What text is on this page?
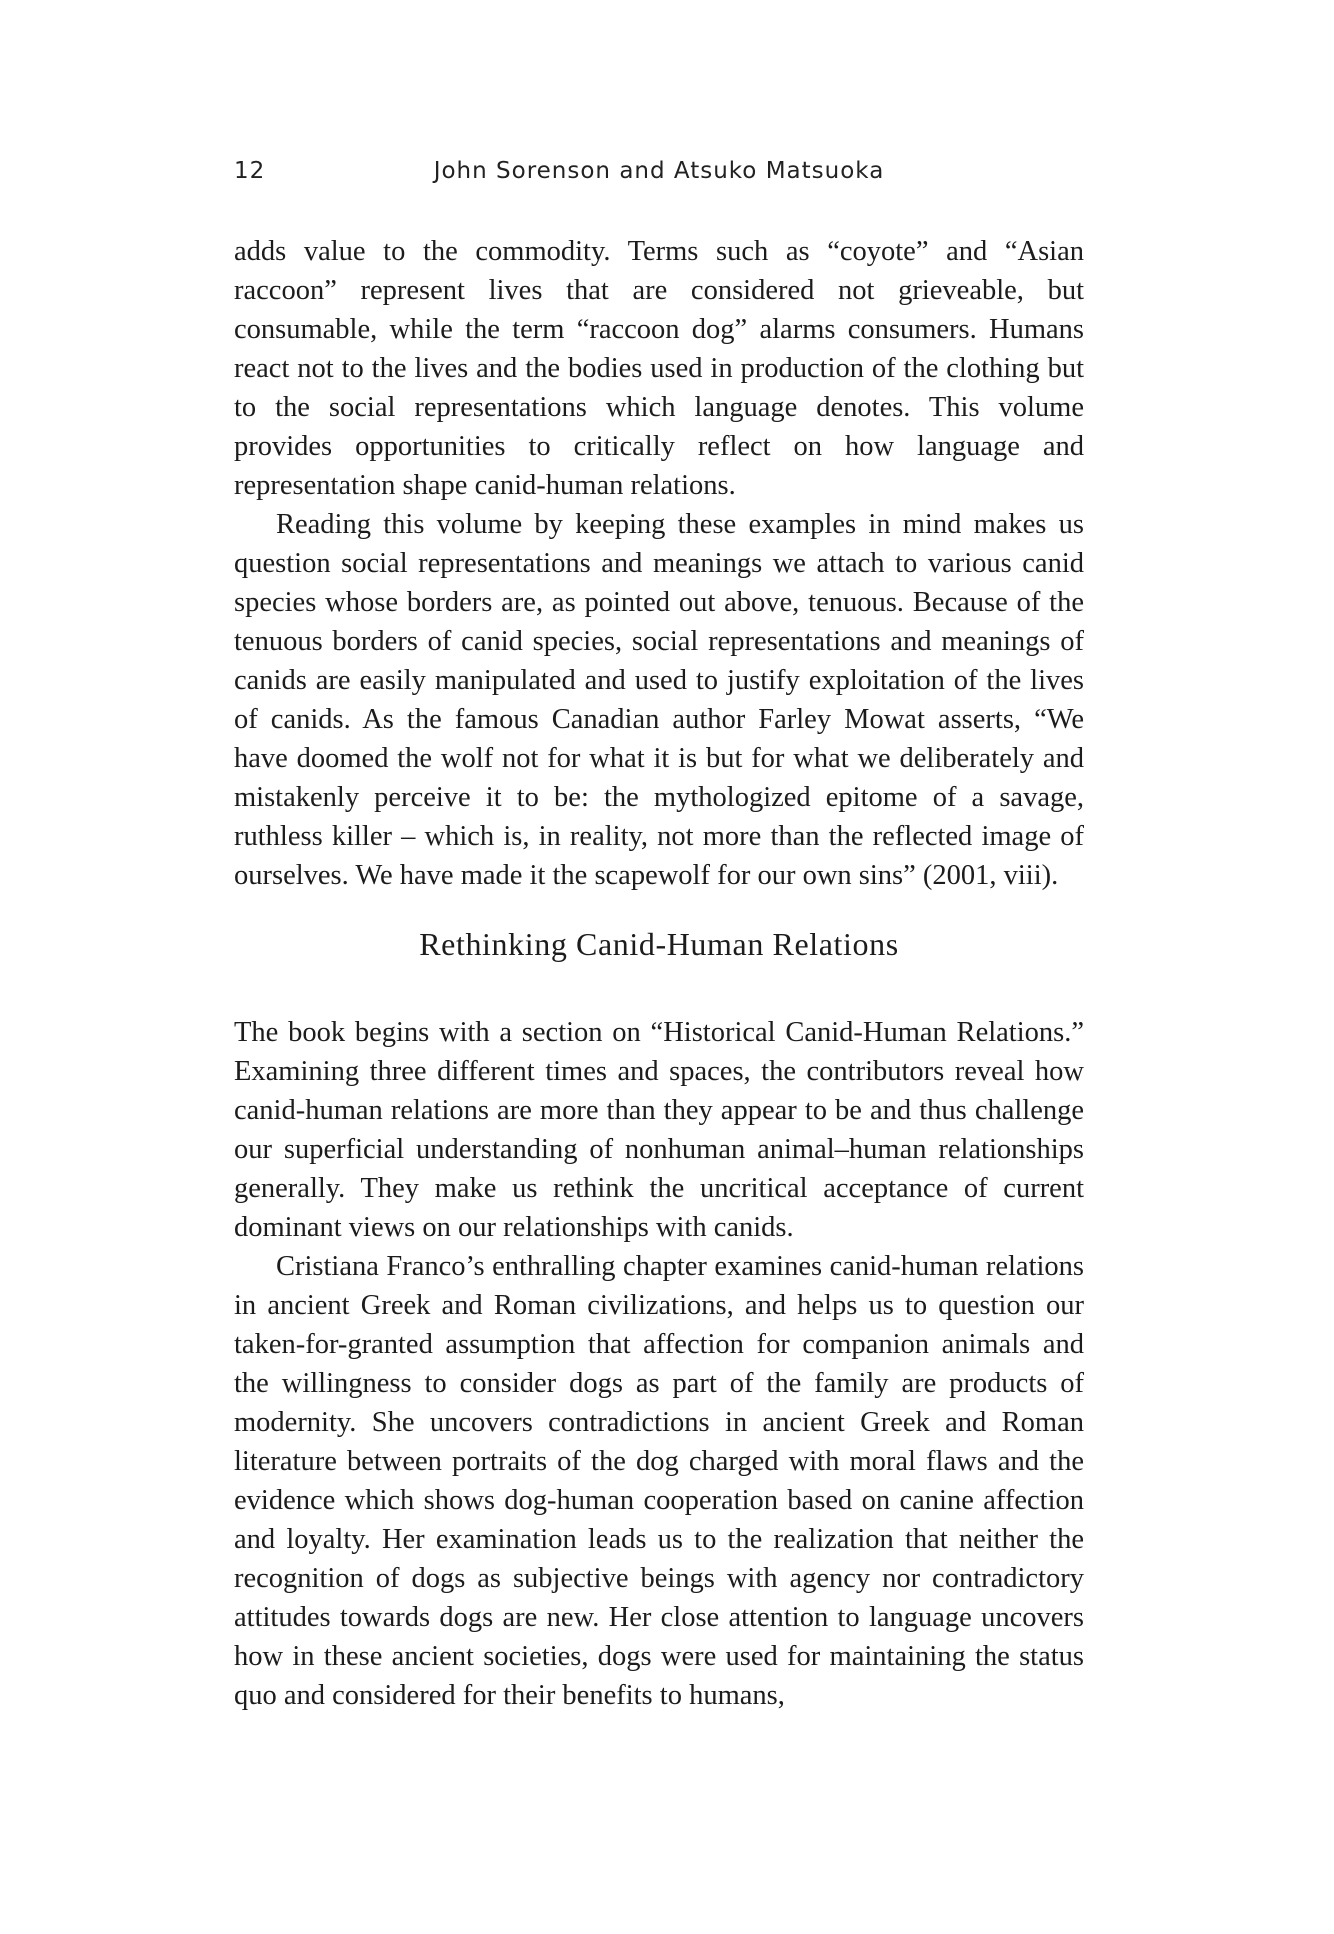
12	John Sorenson and Atsuko Matsuoka

adds value to the commodity. Terms such as “coyote” and “Asian raccoon” represent lives that are considered not grieveable, but consumable, while the term “raccoon dog” alarms consumers. Humans react not to the lives and the bodies used in production of the clothing but to the social representations which language denotes. This volume provides opportunities to critically reflect on how language and representation shape canid-human relations.

Reading this volume by keeping these examples in mind makes us question social representations and meanings we attach to various canid species whose borders are, as pointed out above, tenuous. Because of the tenuous borders of canid species, social representations and meanings of canids are easily manipulated and used to justify exploitation of the lives of canids. As the famous Canadian author Farley Mowat asserts, “We have doomed the wolf not for what it is but for what we deliberately and mistakenly perceive it to be: the mythologized epitome of a savage, ruthless killer – which is, in reality, not more than the reflected image of ourselves. We have made it the scapewolf for our own sins” (2001, viii).

Rethinking Canid-Human Relations

The book begins with a section on “Historical Canid-Human Relations.” Examining three different times and spaces, the contributors reveal how canid-human relations are more than they appear to be and thus challenge our superficial understanding of nonhuman animal–human relationships generally. They make us rethink the uncritical acceptance of current dominant views on our relationships with canids.

Cristiana Franco’s enthralling chapter examines canid-human relations in ancient Greek and Roman civilizations, and helps us to question our taken-for-granted assumption that affection for companion animals and the willingness to consider dogs as part of the family are products of modernity. She uncovers contradictions in ancient Greek and Roman literature between portraits of the dog charged with moral flaws and the evidence which shows dog-human cooperation based on canine affection and loyalty. Her examination leads us to the realization that neither the recognition of dogs as subjective beings with agency nor contradictory attitudes towards dogs are new. Her close attention to language uncovers how in these ancient societies, dogs were used for maintaining the status quo and considered for their benefits to humans,
